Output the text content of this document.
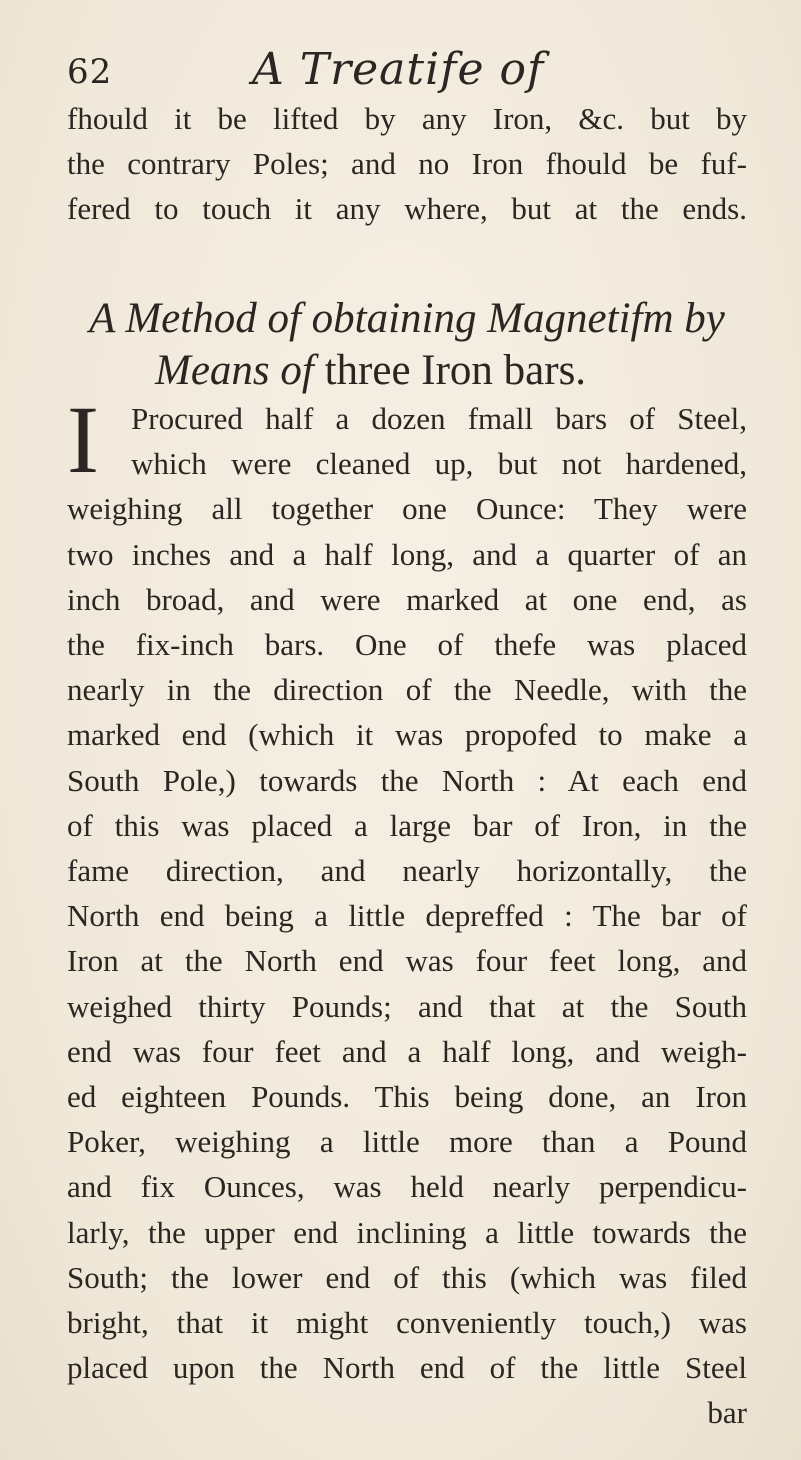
62	A Treatife of
fhould it be lifted by any Iron, &c. but by
the contrary Poles; and no Iron fhould be fuf-
fered to touch it any where, but at the ends.
A Method of obtaining Magnetifm by
Means of three Iron bars.
I	Procured half a dozen fmall bars of Steel,
which were cleaned up, but not hardened,
weighing all together one Ounce: They were
two inches and a half long, and a quarter of an
inch broad, and were marked at one end, as
the fix-inch bars. One of thefe was placed
nearly in the direction of the Needle, with the
marked end (which it was propofed to make a
South Pole,) towards the North : At each end
of this was placed a large bar of Iron, in the
fame direction, and nearly horizontally, the
North end being a little depreffed : The bar of
Iron at the North end was four feet long, and
weighed thirty Pounds; and that at the South
end was four feet and a half long, and weigh-
ed eighteen Pounds. This being done, an Iron
Poker, weighing a little more than a Pound
and fix Ounces, was held nearly perpendicu-
larly, the upper end inclining a little towards the
South; the lower end of this (which was filed
bright, that it might conveniently touch,) was
placed upon the North end of the little Steel
bar
